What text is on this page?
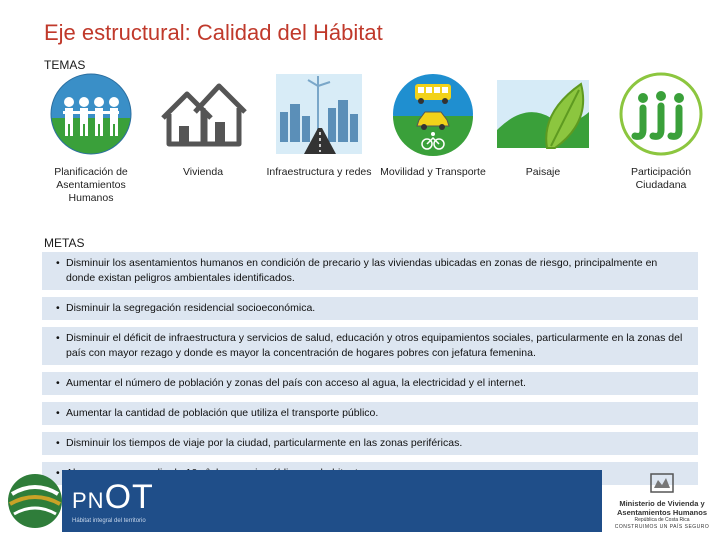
Eje estructural: Calidad del Hábitat
TEMAS
Planificación de Asentamientos Humanos
Vivienda	Infraestructura y redes Movilidad y Transporte	Paisaje	Participación Ciudadana
METAS
• Disminuir los asentamientos humanos en condición de precario y las viviendas ubicadas en zonas de riesgo, principalmente en donde existan peligros ambientales identificados.
• Disminuir la segregación residencial socioeconómica.
• Disminuir el déficit de infraestructura y servicios de salud, educación y otros equipamientos sociales, particularmente en la zonas del país con mayor rezago y donde es mayor la concentración de hogares pobres con jefatura femenina.
• Aumentar el número de población y zonas del país con acceso al agua, la electricidad y el internet.
• Aumentar la cantidad de población que utiliza el transporte público.
• Disminuir los tiempos de viaje por la ciudad, particularmente en las zonas periféricas.
•
PNOT
Hábitat integral del territorio
Ministerio de Vivienda y Asentamientos Humanos
República de Costa Rica
CONSTRUIMOS UN PAÍS SEGURO
